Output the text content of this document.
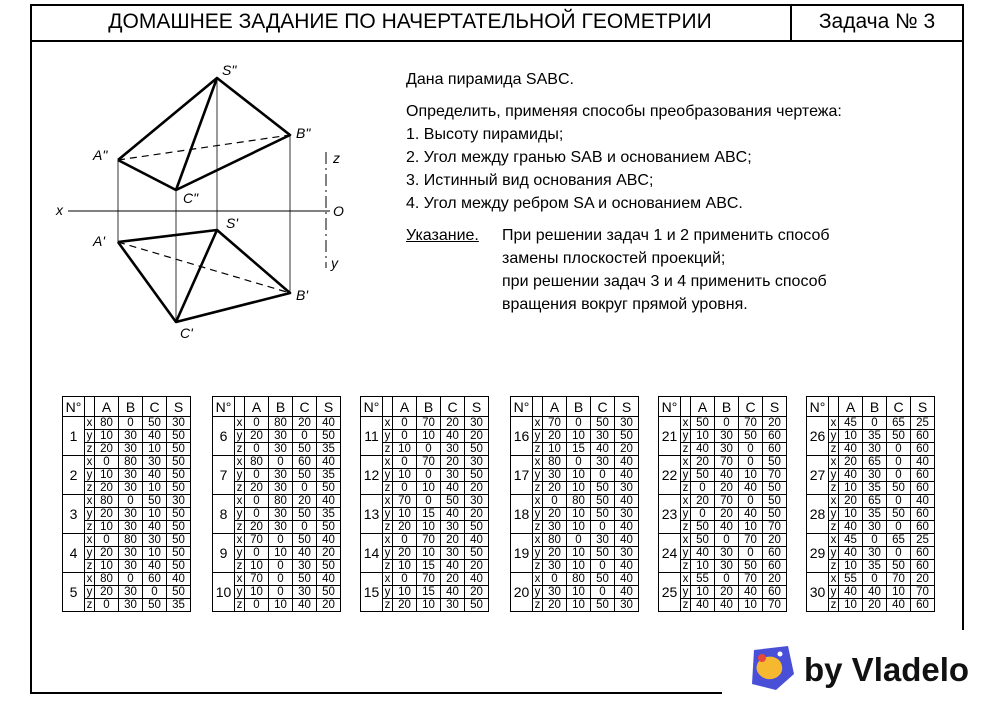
ДОМАШНЕЕ ЗАДАНИЕ ПО НАЧЕРТАТЕЛЬНОЙ ГЕОМЕТРИИ	Задача № 3
S"
A"
B"
C"
S'
A'
B'
C'
x	O
z
y

Дана пирамида SABC.

Определить, применяя способы преобразования чертежа:

1. Высоту пирамиды;

2. Угол между гранью SAB и основанием ABC;

3. Истинный вид основания ABC;

4. Угол между ребром SA и основанием ABC.

Указание.	При решении задач 1 и 2 применить способ

замены плоскостей проекций;

при решении задач 3 и 4 применить способ

вращения вокруг прямой уровня.

N°		A	B	C	S
1	x	80	0	50	30
	y	10	30	40	50
	z	20	30	10	50
2	x	0	80	30	50
	y	10	30	40	50
	z	20	30	10	50
3	x	80	0	50	30
	y	20	30	10	50
	z	10	30	40	50
4	x	0	80	30	50
	y	20	30	10	50
	z	10	30	40	50
5	x	80	0	60	40
	y	20	30	0	50
	z	0	30	50	35
N°		A	B	C	S
6	x	0	80	20	40
	y	20	30	0	50
	z	0	30	50	35
7	x	80	0	60	40
	y	0	30	50	35
	z	20	30	0	50
8	x	0	80	20	40
	y	0	30	50	35
	z	20	30	0	50
9	x	70	0	50	40
	y	0	10	40	20
	z	10	0	30	50
10	x	70	0	50	40
	y	10	0	30	50
	z	0	10	40	20
N°		A	B	C	S
11	x	0	70	20	30
	y	0	10	40	20
	z	10	0	30	50
12	x	0	70	20	30
	y	10	0	30	50
	z	0	10	40	20
13	x	70	0	50	30
	y	10	15	40	20
	z	20	10	30	50
14	x	0	70	20	40
	y	20	10	30	50
	z	10	15	40	20
15	x	0	70	20	40
	y	10	15	40	20
	z	20	10	30	50
N°		A	B	C	S
16	x	70	0	50	30
	y	20	10	30	50
	z	10	15	40	20
17	x	80	0	30	40
	y	30	10	0	40
	z	20	10	50	30
18	x	0	80	50	40
	y	20	10	50	30
	z	30	10	0	40
19	x	80	0	30	40
	y	20	10	50	30
	z	30	10	0	40
20	x	0	80	50	40
	y	30	10	0	40
	z	20	10	50	30
N°		A	B	C	S
21	x	50	0	70	20
	y	10	30	50	60
	z	40	30	0	60
22	x	20	70	0	50
	y	50	40	10	70
	z	0	20	40	50
23	x	20	70	0	50
	y	0	20	40	50
	z	50	40	10	70
24	x	50	0	70	20
	y	40	30	0	60
	z	10	30	50	60
25	x	55	0	70	20
	y	10	20	40	60
	z	40	40	10	70
N°		A	B	C	S
26	x	45	0	65	25
	y	10	35	50	60
	z	40	30	0	60
27	x	20	65	0	40
	y	40	30	0	60
	z	10	35	50	60
28	x	20	65	0	40
	y	10	35	50	60
	z	40	30	0	60
29	x	45	0	65	25
	y	40	30	0	60
	z	10	35	50	60
30	x	55	0	70	20
	y	40	40	10	70
	z	10	20	40	60
by Vladelo
